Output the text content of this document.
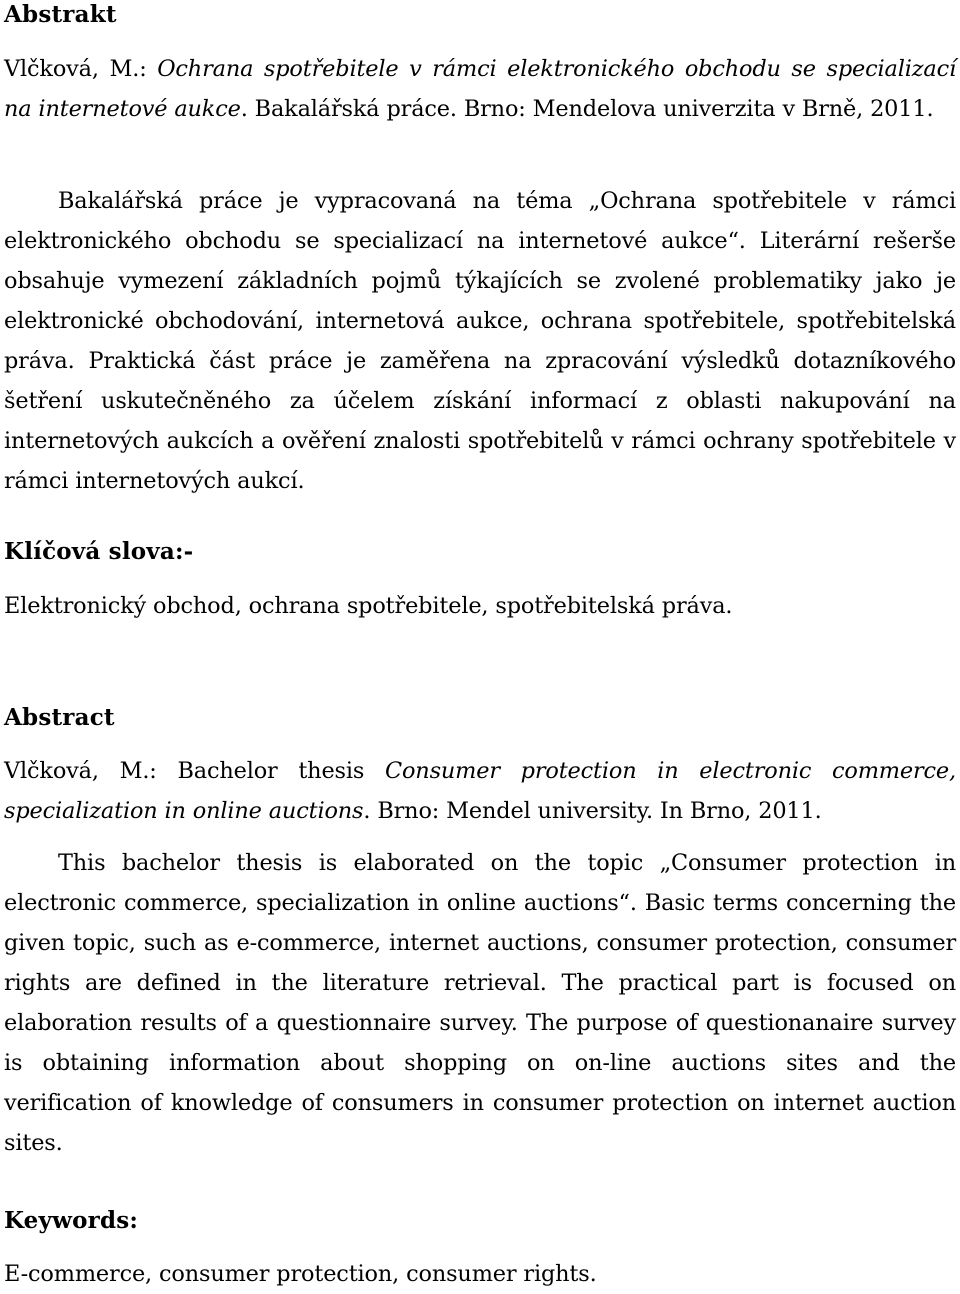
Abstrakt

Vlčková, M.: Ochrana spotřebitele v rámci elektronického obchodu se specializací na internetové aukce. Bakalářská práce. Brno: Mendelova univerzita v Brně, 2011.

Bakalářská práce je vypracovaná na téma „Ochrana spotřebitele v rámci elektronického obchodu se specializací na internetové aukce“. Literární rešerše obsahuje vymezení základních pojmů týkajících se zvolené problematiky jako je elektronické obchodování, internetová aukce, ochrana spotřebitele, spotřebitelská práva. Praktická část práce je zaměřena na zpracování výsledků dotazníkového šetření uskutečněného za účelem získání informací z oblasti nakupování na internetových aukcích a ověření znalosti spotřebitelů v rámci ochrany spotřebitele v rámci internetových aukcí.

Klíčová slova:-

Elektronický obchod, ochrana spotřebitele, spotřebitelská práva.

Abstract

Vlčková, M.: Bachelor thesis Consumer protection in electronic commerce, specialization in online auctions. Brno: Mendel university. In Brno, 2011.

This bachelor thesis is elaborated on the topic „Consumer protection in electronic commerce, specialization in online auctions“. Basic terms concerning the given topic, such as e-commerce, internet auctions, consumer protection, consumer rights are defined in the literature retrieval. The practical part is focused on elaboration results of a questionnaire survey. The purpose of questionanaire survey is obtaining information about shopping on on-line auctions sites and the verification of knowledge of consumers in consumer protection on internet auction sites.

Keywords:

E-commerce, consumer protection, consumer rights.
